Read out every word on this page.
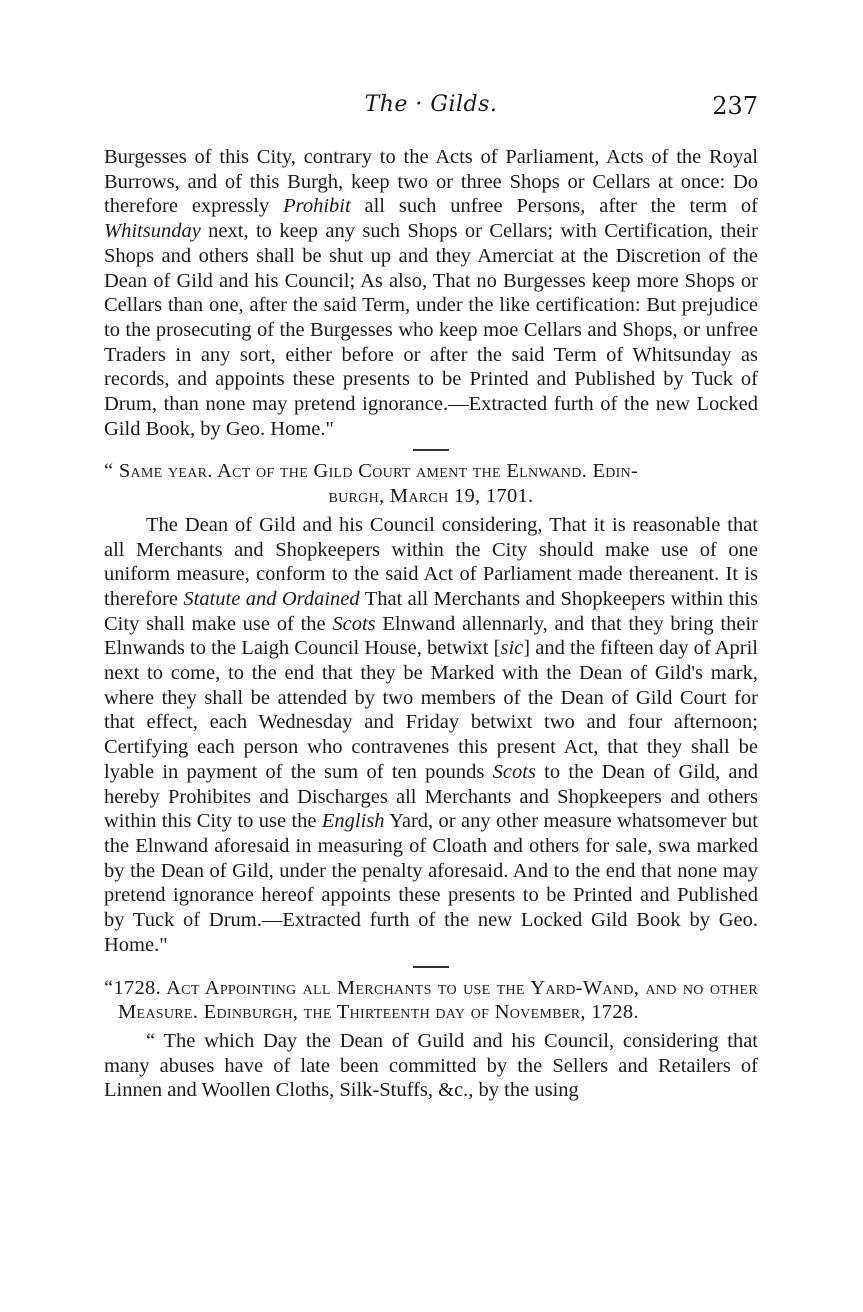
The · Gilds.	237

Burgesses of this City, contrary to the Acts of Parliament, Acts of the Royal Burrows, and of this Burgh, keep two or three Shops or Cellars at once: Do therefore expressly Prohibit all such unfree Persons, after the term of Whitsunday next, to keep any such Shops or Cellars; with Certification, their Shops and others shall be shut up and they Amerciat at the Discretion of the Dean of Gild and his Council; As also, That no Burgesses keep more Shops or Cellars than one, after the said Term, under the like certification: But prejudice to the prosecuting of the Burgesses who keep moe Cellars and Shops, or unfree Traders in any sort, either before or after the said Term of Whitsunday as records, and appoints these presents to be Printed and Published by Tuck of Drum, than none may pretend ignorance.—Extracted furth of the new Locked Gild Book, by Geo. Home."

“ Same year. Act of the Gild Court ament the Elnwand. Edin-
burgh, March 19, 1701.

The Dean of Gild and his Council considering, That it is reasonable that all Merchants and Shopkeepers within the City should make use of one uniform measure, conform to the said Act of Parliament made thereanent. It is therefore Statute and Ordained That all Merchants and Shopkeepers within this City shall make use of the Scots Elnwand allennarly, and that they bring their Elnwands to the Laigh Council House, betwixt [sic] and the fifteen day of April next to come, to the end that they be Marked with the Dean of Gild's mark, where they shall be attended by two members of the Dean of Gild Court for that effect, each Wednesday and Friday betwixt two and four afternoon; Certifying each person who contravenes this present Act, that they shall be lyable in payment of the sum of ten pounds Scots to the Dean of Gild, and hereby Prohibites and Discharges all Merchants and Shopkeepers and others within this City to use the English Yard, or any other measure whatsomever but the Elnwand aforesaid in measuring of Cloath and others for sale, swa marked by the Dean of Gild, under the penalty aforesaid. And to the end that none may pretend ignorance hereof appoints these presents to be Printed and Published by Tuck of Drum.—Extracted furth of the new Locked Gild Book by Geo. Home."

“1728. Act Appointing all Merchants to use the Yard-Wand, and no other Measure. Edinburgh, the Thirteenth day of November, 1728.

“ The which Day the Dean of Guild and his Council, considering that many abuses have of late been committed by the Sellers and Retailers of Linnen and Woollen Cloths, Silk-Stuffs, &c., by the using
